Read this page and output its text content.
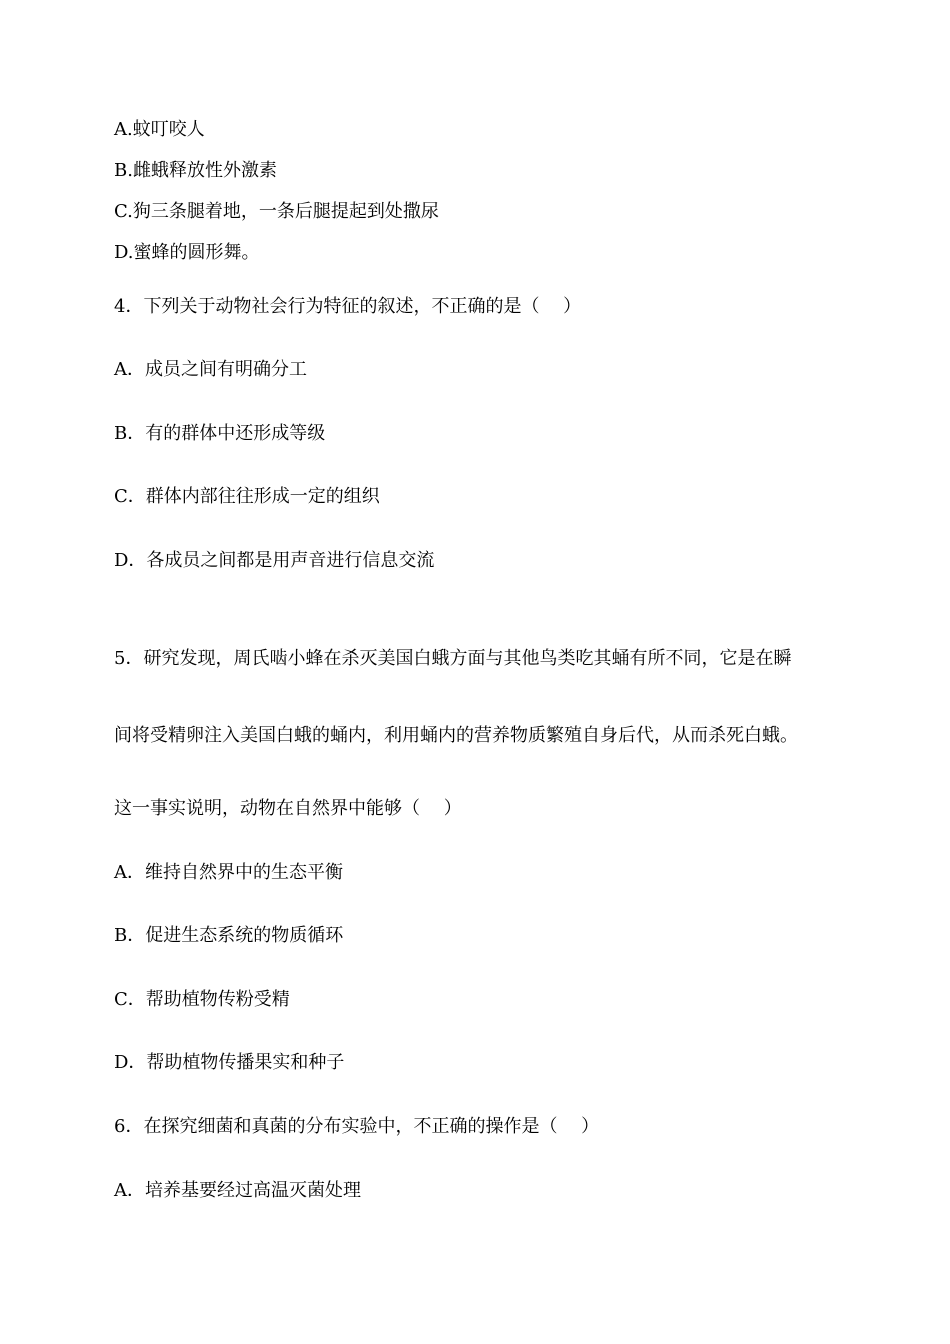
A.蚊叮咬人

B.雌蛾释放性外激素

C.狗三条腿着地，一条后腿提起到处撒尿

D.蜜蜂的圆形舞。

4．下列关于动物社会行为特征的叙述，不正确的是（　 ）

A．成员之间有明确分工

B．有的群体中还形成等级

C．群体内部往往形成一定的组织

D．各成员之间都是用声音进行信息交流

5．研究发现，周氏啮小蜂在杀灭美国白蛾方面与其他鸟类吃其蛹有所不同，它是在瞬

间将受精卵注入美国白蛾的蛹内，利用蛹内的营养物质繁殖自身后代，从而杀死白蛾。

这一事实说明，动物在自然界中能够（　 ）

A．维持自然界中的生态平衡

B．促进生态系统的物质循环

C．帮助植物传粉受精

D．帮助植物传播果实和种子

6．在探究细菌和真菌的分布实验中，不正确的操作是（　 ）

A．培养基要经过高温灭菌处理
